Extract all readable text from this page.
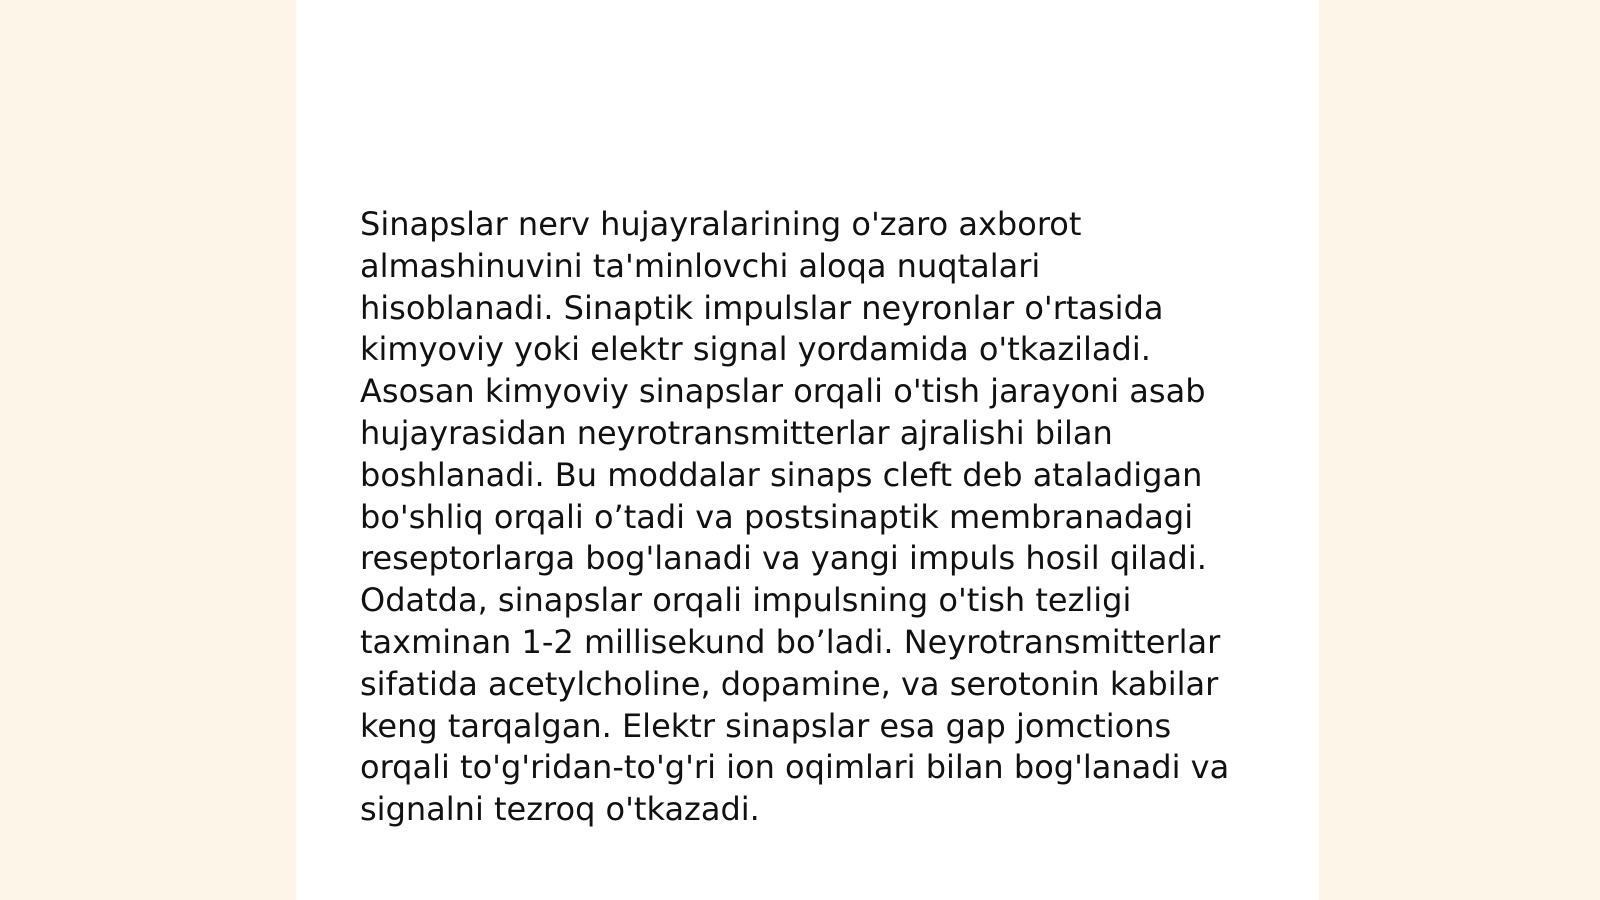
Sinapslar nerv hujayralarining o'zaro axborot
almashinuvini ta'minlovchi aloqa nuqtalari
hisoblanadi. Sinaptik impulslar neyronlar o'rtasida
kimyoviy yoki elektr signal yordamida o'tkaziladi.
Asosan kimyoviy sinapslar orqali o'tish jarayoni asab
hujayrasidan neyrotransmitterlar ajralishi bilan
boshlanadi. Bu moddalar sinaps cleft deb ataladigan
bo'shliq orqali o’tadi va postsinaptik membranadagi
reseptorlarga bog'lanadi va yangi impuls hosil qiladi.
Odatda, sinapslar orqali impulsning o'tish tezligi
taxminan 1-2 millisekund bo’ladi. Neyrotransmitterlar
sifatida acetylcholine, dopamine, va serotonin kabilar
keng tarqalgan. Elektr sinapslar esa gap jomctions
orqali to'g'ridan-to'g'ri ion oqimlari bilan bog'lanadi va
signalni tezroq o'tkazadi.
